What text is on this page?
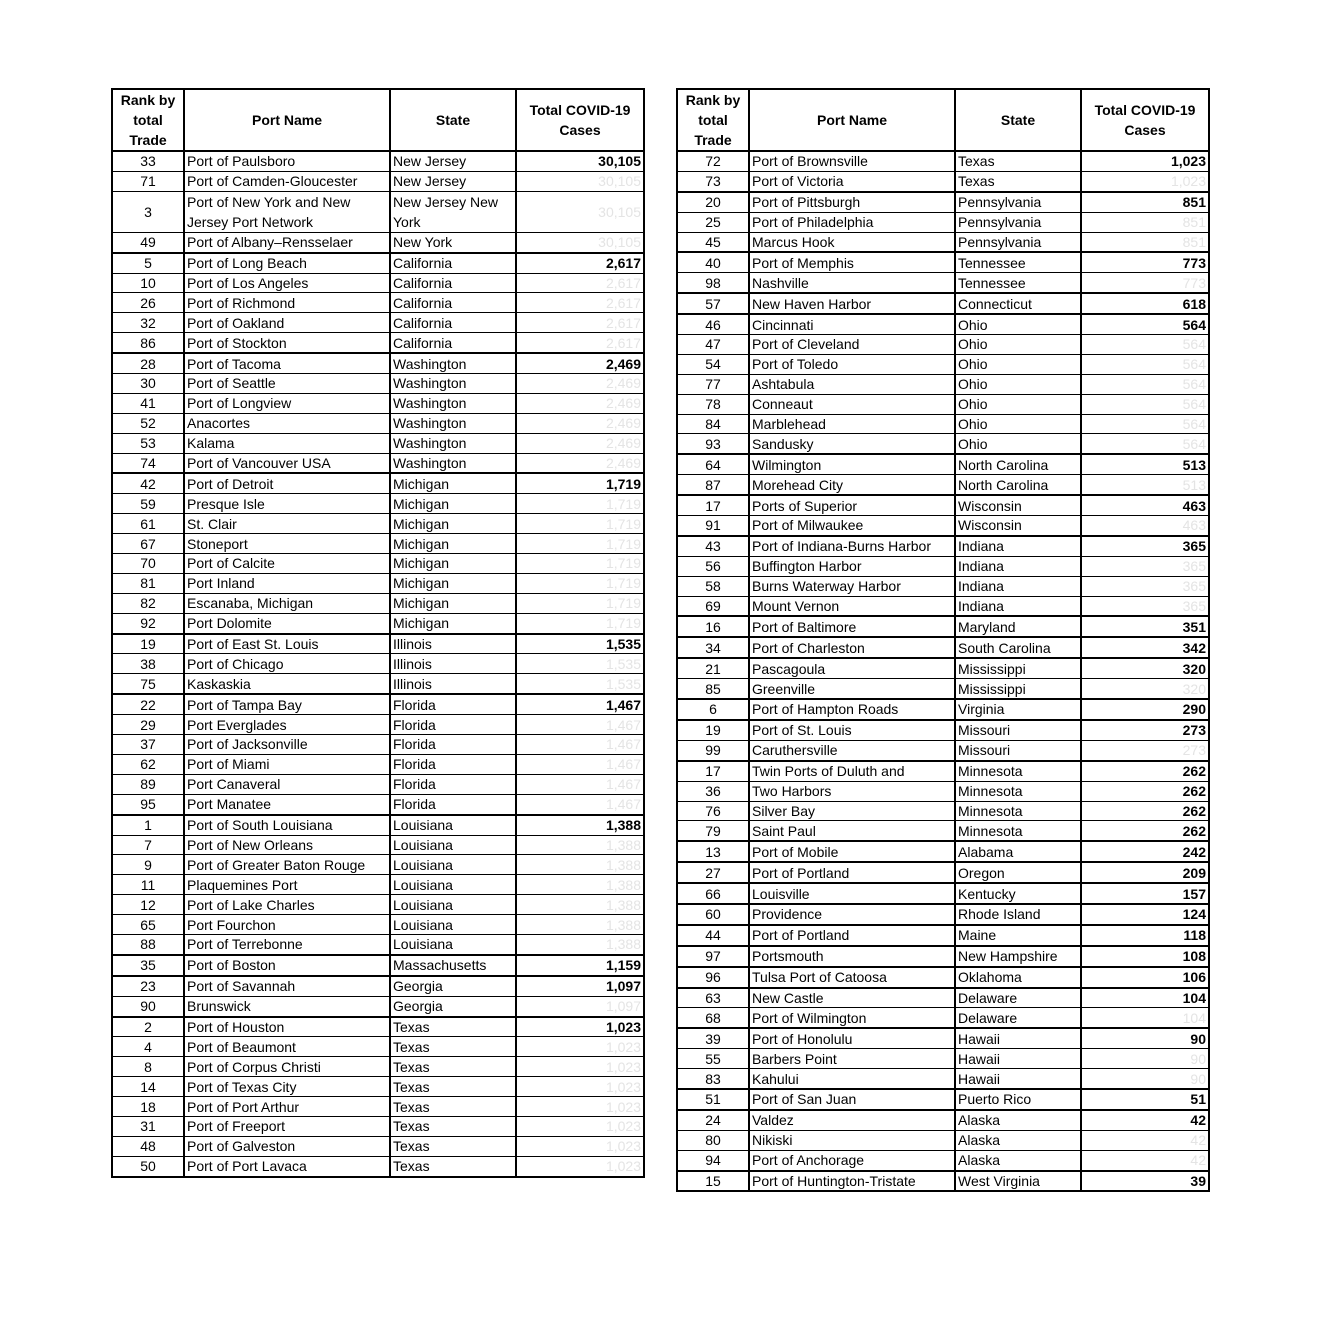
Rank by total Trade	Port Name	State	Total COVID-19 Cases
33	Port of Paulsboro	New Jersey	30,105
71	Port of Camden-Gloucester	New Jersey	30,105
3	Port of New York and New Jersey Port Network	New Jersey New York	30,105
49	Port of Albany–Rensselaer	New York	30,105
5	Port of Long Beach	California	2,617
10	Port of Los Angeles	California	2,617
26	Port of Richmond	California	2,617
32	Port of Oakland	California	2,617
86	Port of Stockton	California	2,617
28	Port of Tacoma	Washington	2,469
30	Port of Seattle	Washington	2,469
41	Port of Longview	Washington	2,469
52	Anacortes	Washington	2,469
53	Kalama	Washington	2,469
74	Port of Vancouver USA	Washington	2,469
42	Port of Detroit	Michigan	1,719
59	Presque Isle	Michigan	1,719
61	St. Clair	Michigan	1,719
67	Stoneport	Michigan	1,719
70	Port of Calcite	Michigan	1,719
81	Port Inland	Michigan	1,719
82	Escanaba, Michigan	Michigan	1,719
92	Port Dolomite	Michigan	1,719
19	Port of East St. Louis	Illinois	1,535
38	Port of Chicago	Illinois	1,535
75	Kaskaskia	Illinois	1,535
22	Port of Tampa Bay	Florida	1,467
29	Port Everglades	Florida	1,467
37	Port of Jacksonville	Florida	1,467
62	Port of Miami	Florida	1,467
89	Port Canaveral	Florida	1,467
95	Port Manatee	Florida	1,467
1	Port of South Louisiana	Louisiana	1,388
7	Port of New Orleans	Louisiana	1,388
9	Port of Greater Baton Rouge	Louisiana	1,388
11	Plaquemines Port	Louisiana	1,388
12	Port of Lake Charles	Louisiana	1,388
65	Port Fourchon	Louisiana	1,388
88	Port of Terrebonne	Louisiana	1,388
35	Port of Boston	Massachusetts	1,159
23	Port of Savannah	Georgia	1,097
90	Brunswick	Georgia	1,097
2	Port of Houston	Texas	1,023
4	Port of Beaumont	Texas	1,023
8	Port of Corpus Christi	Texas	1,023
14	Port of Texas City	Texas	1,023
18	Port of Port Arthur	Texas	1,023
31	Port of Freeport	Texas	1,023
48	Port of Galveston	Texas	1,023
50	Port of Port Lavaca	Texas	1,023
Rank by total Trade	Port Name	State	Total COVID-19 Cases
72	Port of Brownsville	Texas	1,023
73	Port of Victoria	Texas	1,023
20	Port of Pittsburgh	Pennsylvania	851
25	Port of Philadelphia	Pennsylvania	851
45	Marcus Hook	Pennsylvania	851
40	Port of Memphis	Tennessee	773
98	Nashville	Tennessee	773
57	New Haven Harbor	Connecticut	618
46	Cincinnati	Ohio	564
47	Port of Cleveland	Ohio	564
54	Port of Toledo	Ohio	564
77	Ashtabula	Ohio	564
78	Conneaut	Ohio	564
84	Marblehead	Ohio	564
93	Sandusky	Ohio	564
64	Wilmington	North Carolina	513
87	Morehead City	North Carolina	513
17	Ports of Superior	Wisconsin	463
91	Port of Milwaukee	Wisconsin	463
43	Port of Indiana-Burns Harbor	Indiana	365
56	Buffington Harbor	Indiana	365
58	Burns Waterway Harbor	Indiana	365
69	Mount Vernon	Indiana	365
16	Port of Baltimore	Maryland	351
34	Port of Charleston	South Carolina	342
21	Pascagoula	Mississippi	320
85	Greenville	Mississippi	320
6	Port of Hampton Roads	Virginia	290
19	Port of St. Louis	Missouri	273
99	Caruthersville	Missouri	273
17	Twin Ports of Duluth and	Minnesota	262
36	Two Harbors	Minnesota	262
76	Silver Bay	Minnesota	262
79	Saint Paul	Minnesota	262
13	Port of Mobile	Alabama	242
27	Port of Portland	Oregon	209
66	Louisville	Kentucky	157
60	Providence	Rhode Island	124
44	Port of Portland	Maine	118
97	Portsmouth	New Hampshire	108
96	Tulsa Port of Catoosa	Oklahoma	106
63	New Castle	Delaware	104
68	Port of Wilmington	Delaware	104
39	Port of Honolulu	Hawaii	90
55	Barbers Point	Hawaii	90
83	Kahului	Hawaii	90
51	Port of San Juan	Puerto Rico	51
24	Valdez	Alaska	42
80	Nikiski	Alaska	42
94	Port of Anchorage	Alaska	42
15	Port of Huntington-Tristate	West Virginia	39
